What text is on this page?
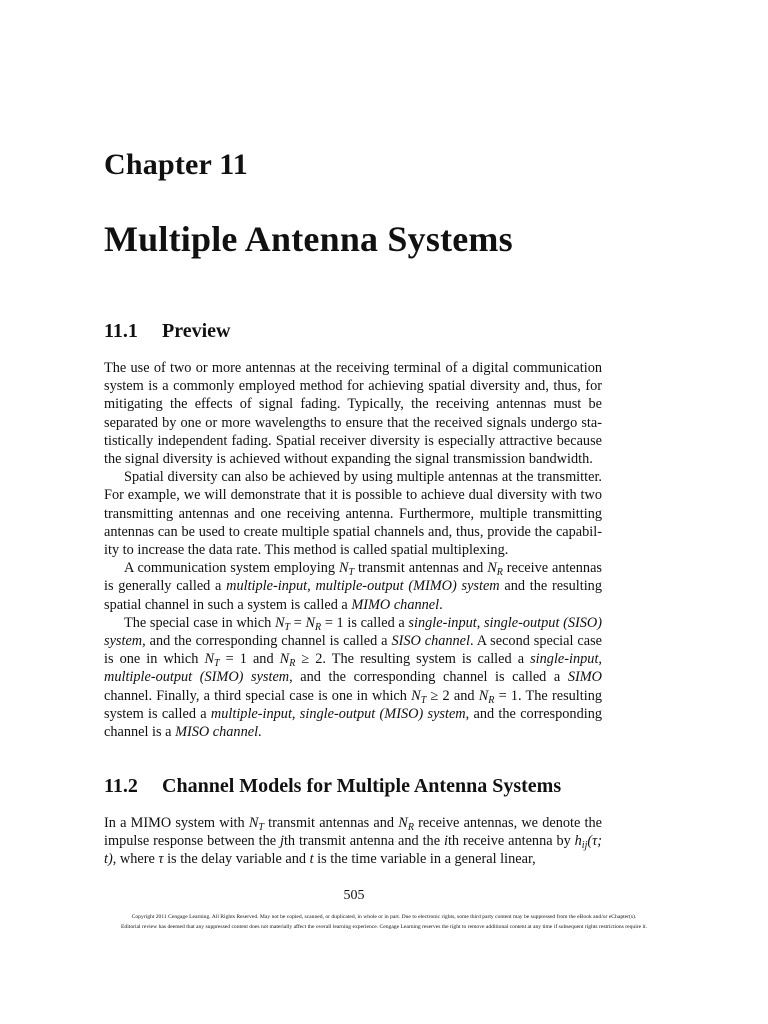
Chapter 11
Multiple Antenna Systems
11.1 Preview

The use of two or more antennas at the receiving terminal of a digital communication system is a commonly employed method for achieving spatial diversity and, thus, for mitigating the effects of signal fading. Typically, the receiving antennas must be separated by one or more wavelengths to ensure that the received signals undergo statistically independent fading. Spatial receiver diversity is especially attractive because the signal diversity is achieved without expanding the signal transmission bandwidth.

Spatial diversity can also be achieved by using multiple antennas at the transmitter. For example, we will demonstrate that it is possible to achieve dual diversity with two transmitting antennas and one receiving antenna. Furthermore, multiple transmitting antennas can be used to create multiple spatial channels and, thus, provide the capability to increase the data rate. This method is called spatial multiplexing.

A communication system employing $N_T$ transmit antennas and $N_R$ receive antennas is generally called a multiple-input, multiple-output (MIMO) system and the resulting spatial channel in such a system is called a MIMO channel.

The special case in which $N_T = N_R = 1$ is called a single-input, single-output (SISO) system, and the corresponding channel is called a SISO channel. A second special case is one in which $N_T = 1$ and $N_R \ge 2$. The resulting system is called a single-input, multiple-output (SIMO) system, and the corresponding channel is called a SIMO channel. Finally, a third special case is one in which $N_T \ge 2$ and $N_R = 1$. The resulting system is called a multiple-input, single-output (MISO) system, and the corresponding channel is a MISO channel.

11.2 Channel Models for Multiple Antenna Systems

In a MIMO system with $N_T$ transmit antennas and $N_R$ receive antennas, we denote the impulse response between the jth transmit antenna and the ith receive antenna by $h_{ij}(\tau$; t), where τ is the delay variable and t is the time variable in a general linear,

505
Copyright 2011 Cengage Learning. All Rights Reserved. May not be copied, scanned, or duplicated, in whole or in part. Due to electronic rights, some third party content may be suppressed from the eBook and/or eChapter(s).
Editorial review has deemed that any suppressed content does not materially affect the overall learning experience. Cengage Learning reserves the right to remove additional content at any time if subsequent rights restrictions require it.
